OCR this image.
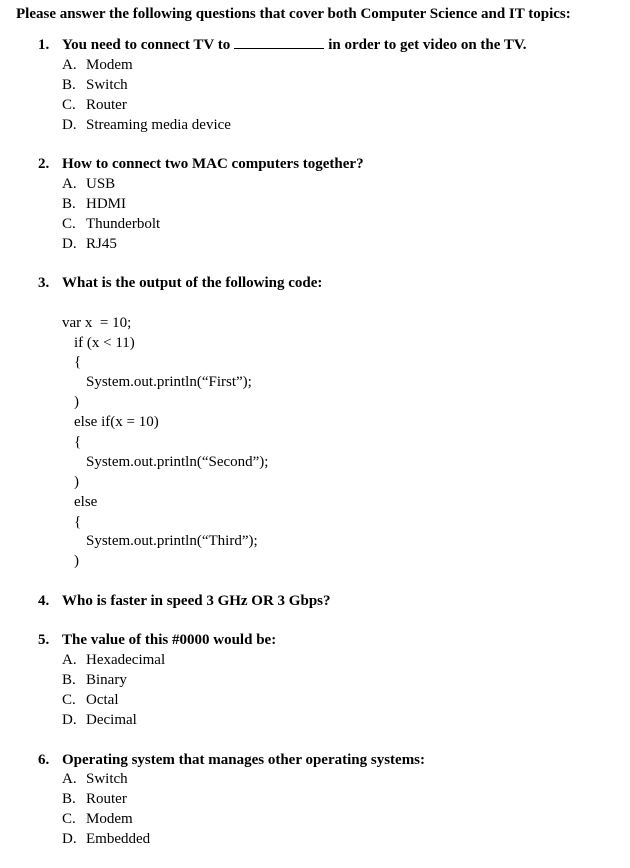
Please answer the following questions that cover both Computer Science and IT topics:
1. You need to connect TV to	in order to get video on the TV.
A. Modem
B. Switch
C. Router
D. Streaming media device
2. How to connect two MAC computers together?
A. USB
B. HDMI
C. Thunderbolt
D. RJ45
3. What is the output of the following code:
var x  = 10;
if (x < 11)
{
System.out.println(“First”);
)
else if(x = 10)
{
System.out.println(“Second”);
)
else
{
System.out.println(“Third”);
)
4. Who is faster in speed 3 GHz OR 3 Gbps?
5. The value of this #0000 would be:
A. Hexadecimal
B. Binary
C. Octal
D. Decimal
6. Operating system that manages other operating systems:
A. Switch
B. Router
C. Modem
D. Embedded
